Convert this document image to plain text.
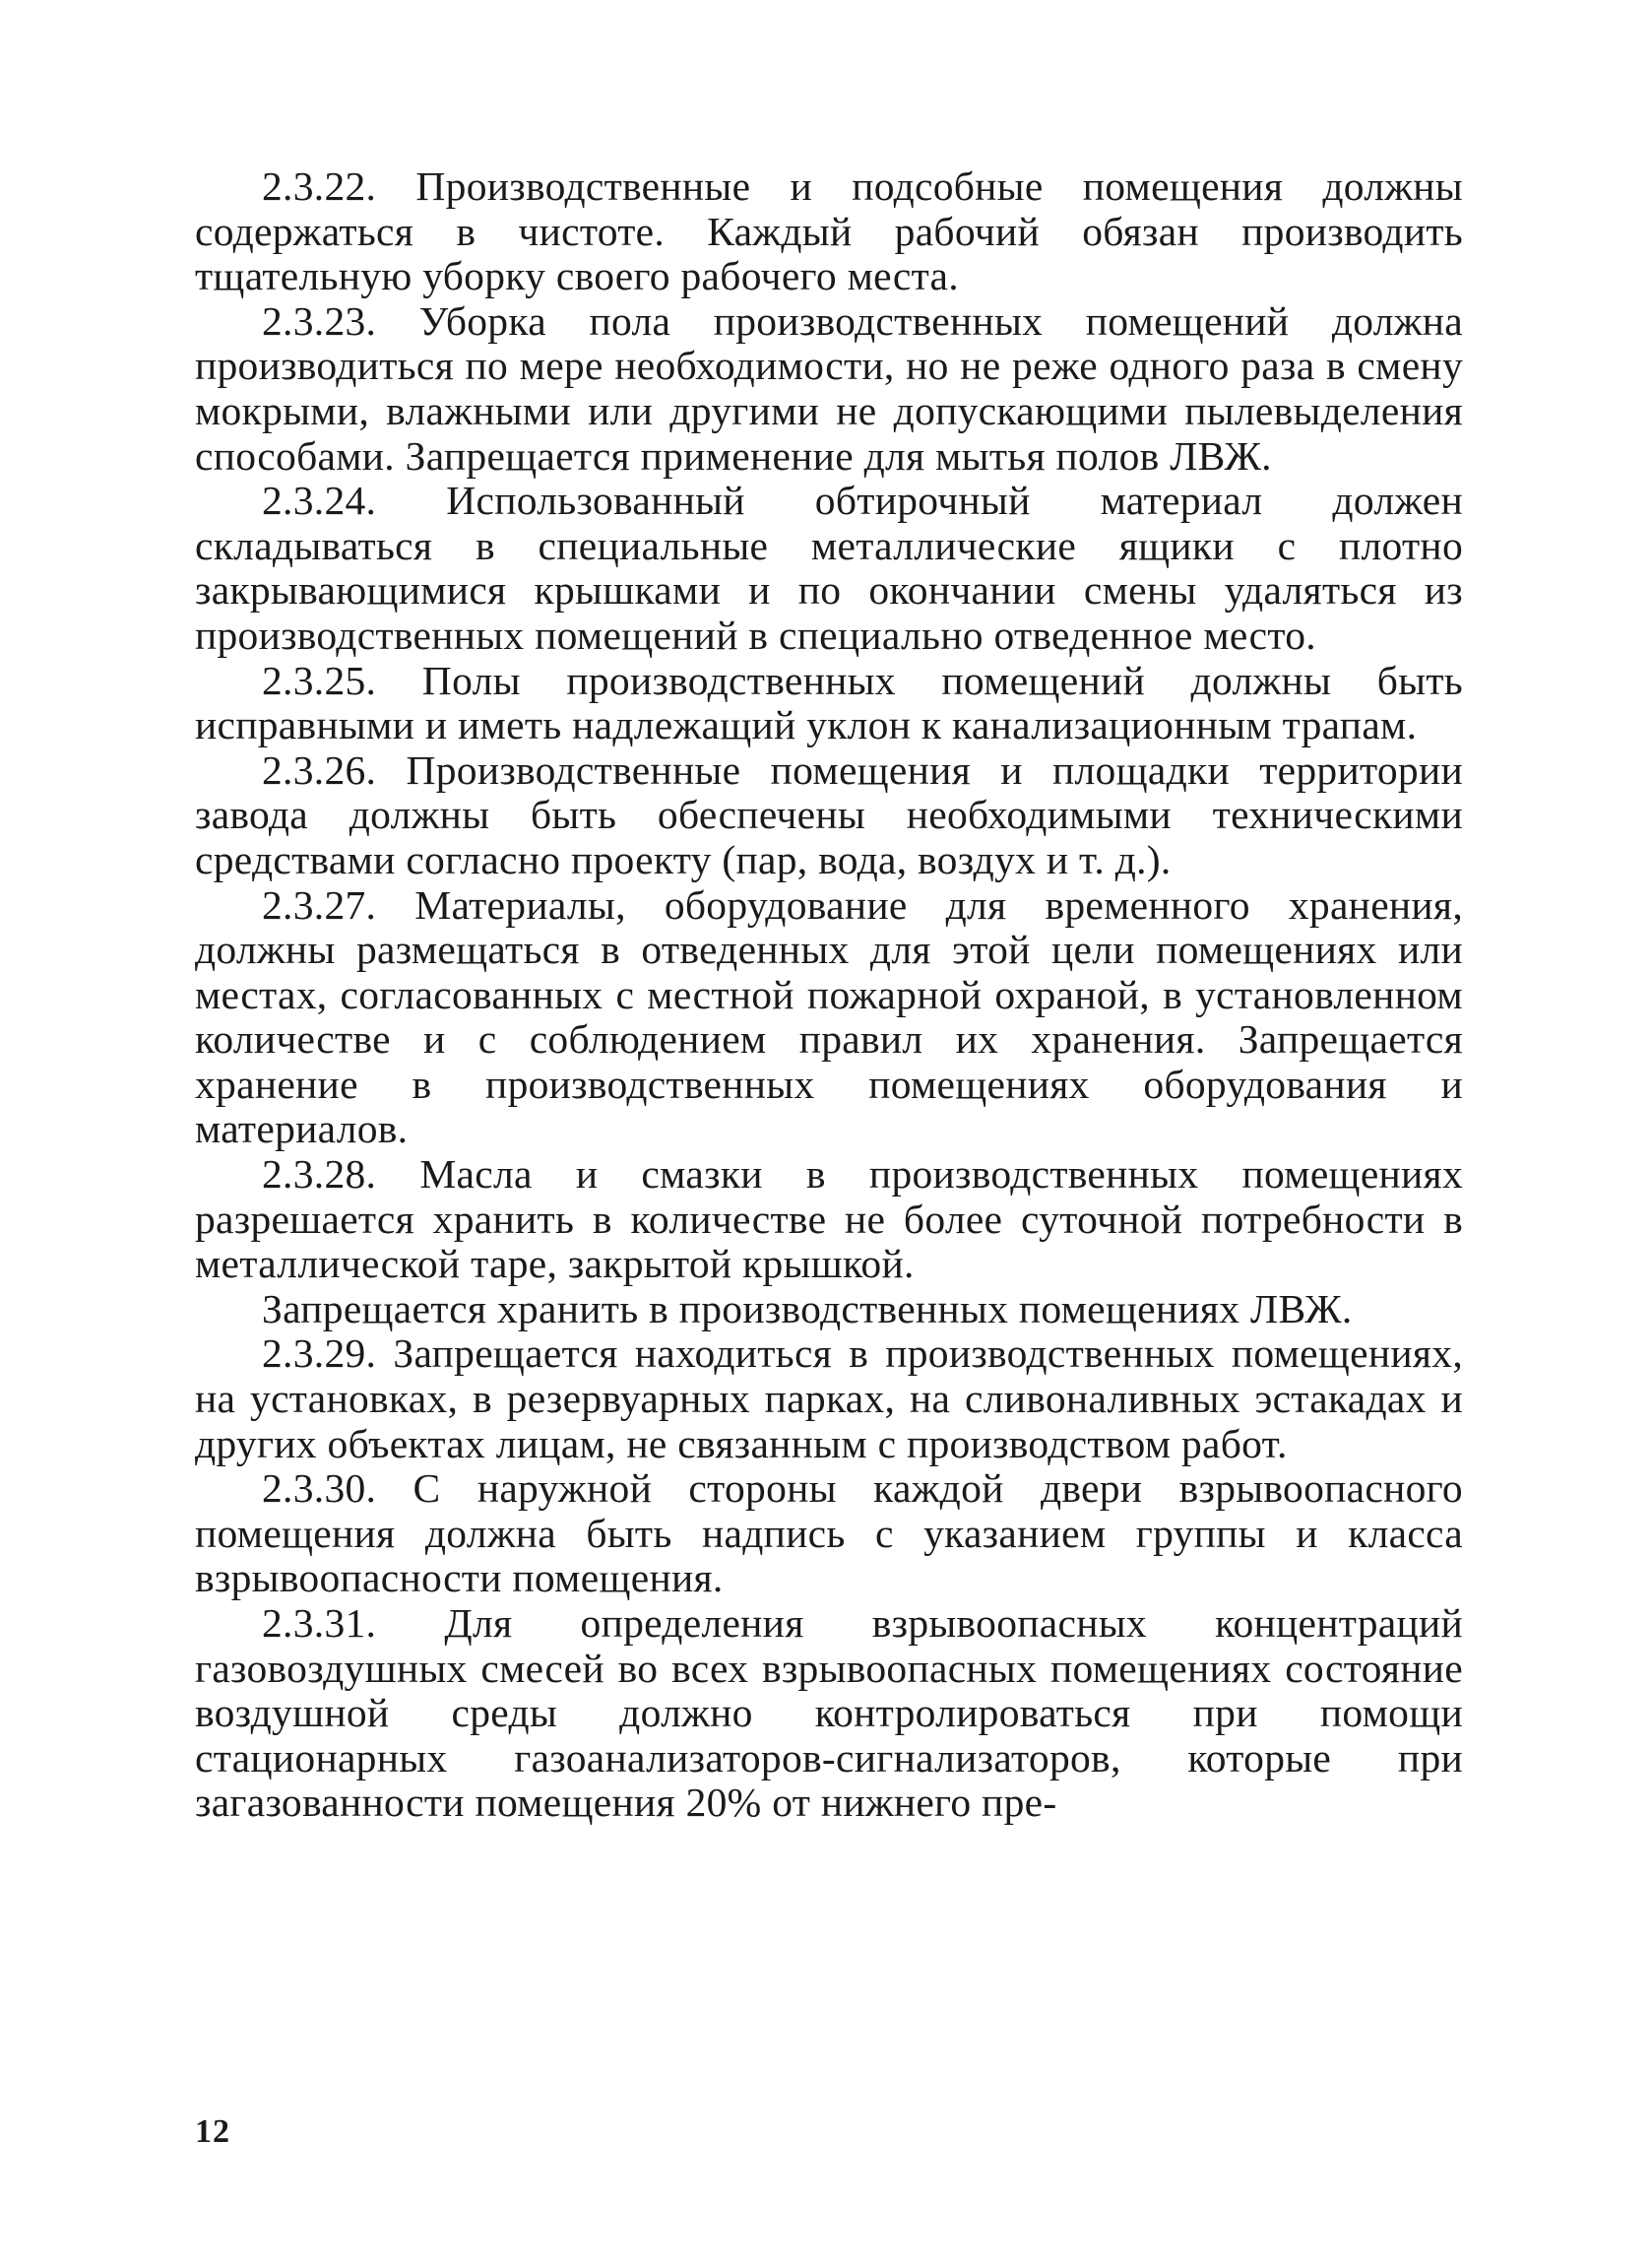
2.3.22. Производственные и подсобные помещения должны содержаться в чистоте. Каждый рабочий обязан производить тщательную уборку своего рабочего места.

2.3.23. Уборка пола производственных помещений должна производиться по мере необходимости, но не реже одного раза в смену мокрыми, влажными или другими не допускающими пылевыделения способами. Запрещается применение для мытья полов ЛВЖ.

2.3.24. Использованный обтирочный материал должен складываться в специальные металлические ящики с плотно закрывающимися крышками и по окончании смены удаляться из производственных помещений в специально отведенное место.

2.3.25. Полы производственных помещений должны быть исправными и иметь надлежащий уклон к канализационным трапам.

2.3.26. Производственные помещения и площадки территории завода должны быть обеспечены необходимыми техническими средствами согласно проекту (пар, вода, воздух и т. д.).

2.3.27. Материалы, оборудование для временного хранения, должны размещаться в отведенных для этой цели помещениях или местах, согласованных с местной пожарной охраной, в установленном количестве и с соблюдением правил их хранения. Запрещается хранение в производственных помещениях оборудования и материалов.

2.3.28. Масла и смазки в производственных помещениях разрешается хранить в количестве не более суточной потребности в металлической таре, закрытой крышкой.

Запрещается хранить в производственных помещениях ЛВЖ.

2.3.29. Запрещается находиться в производственных помещениях, на установках, в резервуарных парках, на сливоналивных эстакадах и других объектах лицам, не связанным с производством работ.

2.3.30. С наружной стороны каждой двери взрывоопасного помещения должна быть надпись с указанием группы и класса взрывоопасности помещения.

2.3.31. Для определения взрывоопасных концентраций газовоздушных смесей во всех взрывоопасных помещениях состояние воздушной среды должно контролироваться при помощи стационарных газоанализаторов-сигнализаторов, которые при загазованности помещения 20% от нижнего пре-

12
